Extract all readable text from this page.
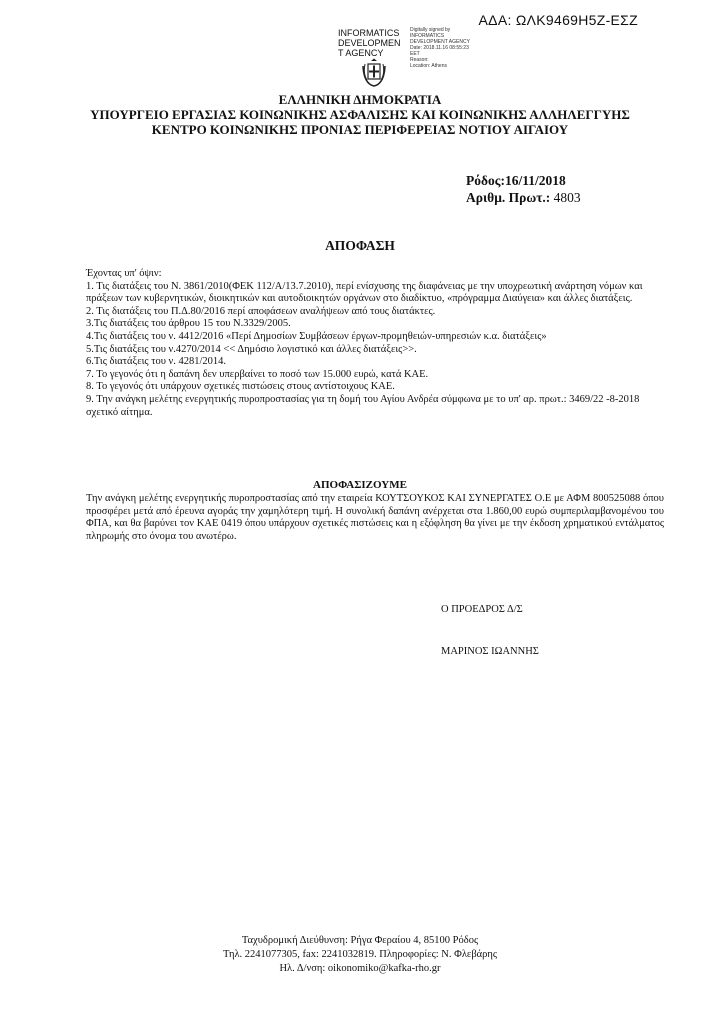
ΑΔΑ: ΩΛΚ9469Η5Ζ-ΕΣΖ
INFORMATICS
DEVELOPMEN
T AGENCY
Digitally signed by
INFORMATICS
DEVELOPMENT AGENCY
Date: 2018.11.16 08:55:23
EET
Reason:
Location: Athens
ΕΛΛΗΝΙΚΗ ΔΗΜΟΚΡΑΤΙΑ
ΥΠΟΥΡΓΕΙΟ ΕΡΓΑΣΙΑΣ ΚΟΙΝΩΝΙΚΗΣ ΑΣΦΑΛΙΣΗΣ ΚΑΙ ΚΟΙΝΩΝΙΚΗΣ ΑΛΛΗΛΕΓΓΥΗΣ
ΚΕΝΤΡΟ ΚΟΙΝΩΝΙΚΗΣ ΠΡΟΝΙΑΣ ΠΕΡΙΦΕΡΕΙΑΣ ΝΟΤΙΟΥ ΑΙΓΑΙΟΥ
Ρόδος:16/11/2018
Αριθμ. Πρωτ.: 4803
ΑΠΟΦΑΣΗ
Έχοντας υπ' όψιν:
1. Τις διατάξεις του Ν. 3861/2010(ΦΕΚ 112/Α/13.7.2010), περί ενίσχυσης της διαφάνειας με την υποχρεωτική ανάρτηση νόμων και πράξεων των κυβερνητικών, διοικητικών και αυτοδιοικητών οργάνων στο διαδίκτυο, «πρόγραμμα Διαύγεια» και άλλες διατάξεις.
2. Τις διατάξεις του Π.Δ.80/2016 περί αποφάσεων αναλήψεων από τους διατάκτες.
3.Τις διατάξεις του άρθρου 15 του Ν.3329/2005.
4.Τις διατάξεις του ν. 4412/2016 «Περί Δημοσίων Συμβάσεων έργων-προμηθειών-υπηρεσιών κ.α. διατάξεις»
5.Τις διατάξεις του ν.4270/2014 << Δημόσιο λογιστικό και άλλες διατάξεις>>.
6.Τις διατάξεις του ν. 4281/2014.
7. Το γεγονός ότι η δαπάνη δεν υπερβαίνει το ποσό των 15.000 ευρώ, κατά ΚΑΕ.
8. Το γεγονός ότι υπάρχουν σχετικές πιστώσεις στους αντίστοιχους ΚΑΕ.
9. Την ανάγκη μελέτης ενεργητικής πυροπροστασίας για τη δομή του Αγίου Ανδρέα σύμφωνα με το υπ' αρ. πρωτ.: 3469/22 -8-2018 σχετικό αίτημα.
ΑΠΟΦΑΣΙΖΟΥΜΕ
Την ανάγκη μελέτης ενεργητικής πυροπροστασίας από την εταιρεία ΚΟΥΤΣΟΥΚΟΣ ΚΑΙ ΣΥΝΕΡΓΑΤΕΣ Ο.Ε με ΑΦΜ 800525088 όπου προσφέρει μετά από έρευνα αγοράς την χαμηλότερη τιμή. Η συνολική δαπάνη ανέρχεται στα 1.860,00 ευρώ συμπεριλαμβανομένου του ΦΠΑ, και θα βαρύνει τον ΚΑΕ 0419 όπου υπάρχουν σχετικές πιστώσεις και η εξόφληση θα γίνει με την έκδοση χρηματικού εντάλματος πληρωμής στο όνομα του ανωτέρω.
Ο ΠΡΟΕΔΡΟΣ Δ/Σ
ΜΑΡΙΝΟΣ ΙΩΑΝΝΗΣ
Ταχυδρομική Διεύθυνση: Ρήγα Φεραίου 4, 85100 Ρόδος
Τηλ. 2241077305, fax: 2241032819. Πληροφορίες: Ν. Φλεβάρης
Ηλ. Δ/νση: oikonomiko@kafka-rho.gr
